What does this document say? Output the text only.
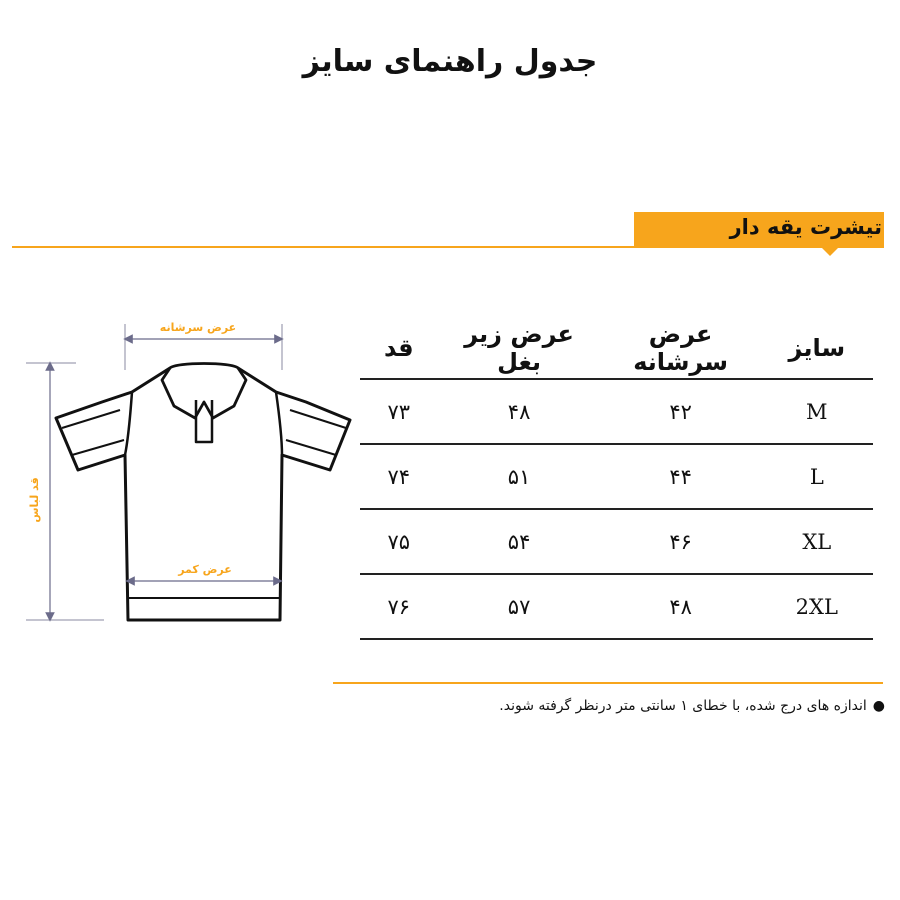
جدول راهنمای سایز
تیشرت یقه دار
عرض سرشانه
قد لباس
عرض کمر
قد	عرض زیر بغل	عرض سرشانه	سایز
۷۳	۴۸	۴۲	M
۷۴	۵۱	۴۴	L
۷۵	۵۴	۴۶	XL
۷۶	۵۷	۴۸	2XL
●اندازه های درج شده، با خطای ۱ سانتی متر درنظر گرفته شوند.
